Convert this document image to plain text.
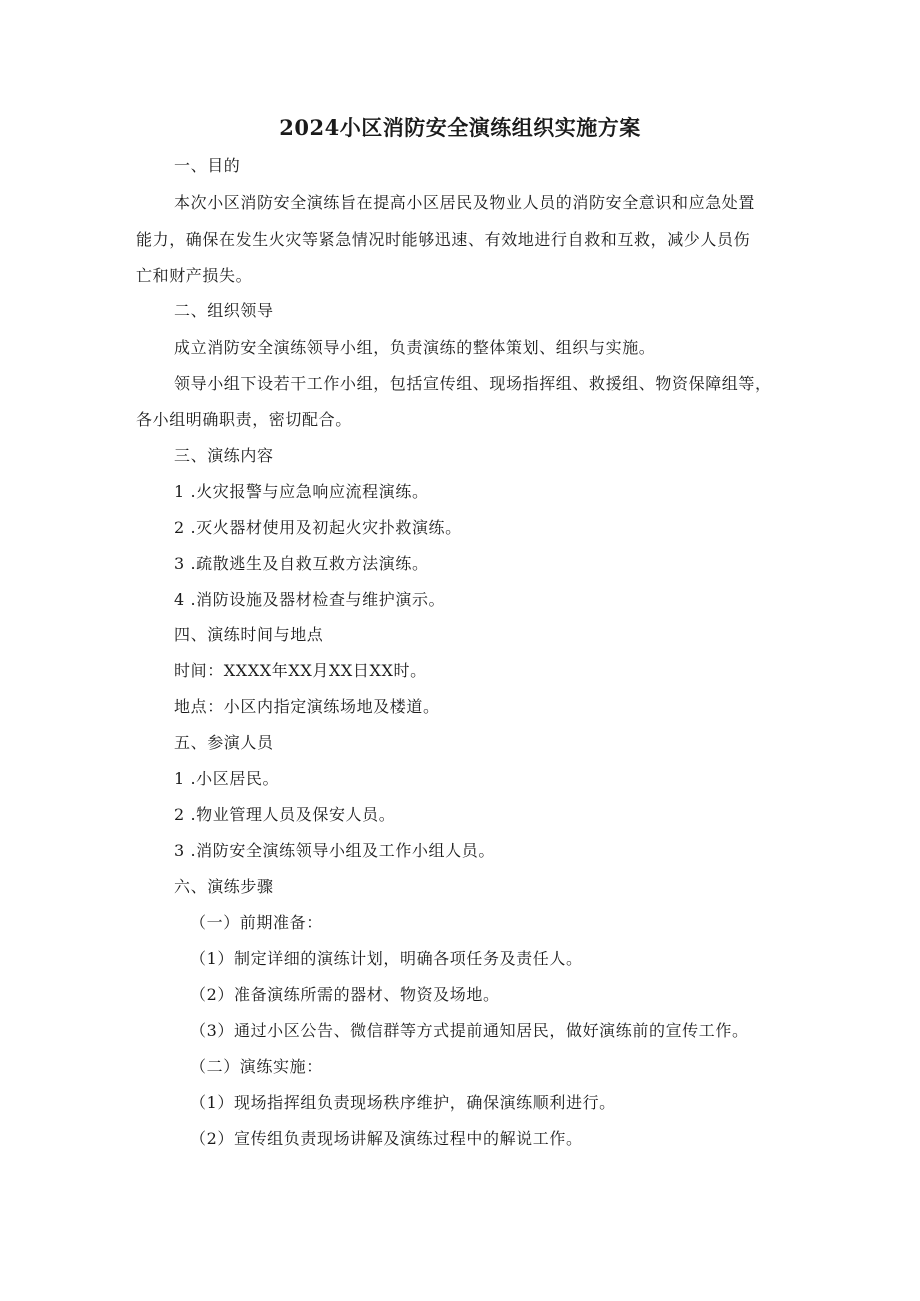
2024小区消防安全演练组织实施方案
一、目的
本次小区消防安全演练旨在提高小区居民及物业人员的消防安全意识和应急处置
能力，确保在发生火灾等紧急情况时能够迅速、有效地进行自救和互救，减少人员伤
亡和财产损失。
二、组织领导
成立消防安全演练领导小组，负责演练的整体策划、组织与实施。
领导小组下设若干工作小组，包括宣传组、现场指挥组、救援组、物资保障组等，
各小组明确职责，密切配合。
三、演练内容
1 .火灾报警与应急响应流程演练。
2 .灭火器材使用及初起火灾扑救演练。
3 .疏散逃生及自救互救方法演练。
4 .消防设施及器材检查与维护演示。
四、演练时间与地点
时间：XXXX年XX月XX日XX时。
地点：小区内指定演练场地及楼道。
五、参演人员
1 .小区居民。
2 .物业管理人员及保安人员。
3 .消防安全演练领导小组及工作小组人员。
六、演练步骤
（一）前期准备：
（1）制定详细的演练计划，明确各项任务及责任人。
（2）准备演练所需的器材、物资及场地。
（3）通过小区公告、微信群等方式提前通知居民，做好演练前的宣传工作。
（二）演练实施：
（1）现场指挥组负责现场秩序维护，确保演练顺利进行。
（2）宣传组负责现场讲解及演练过程中的解说工作。
